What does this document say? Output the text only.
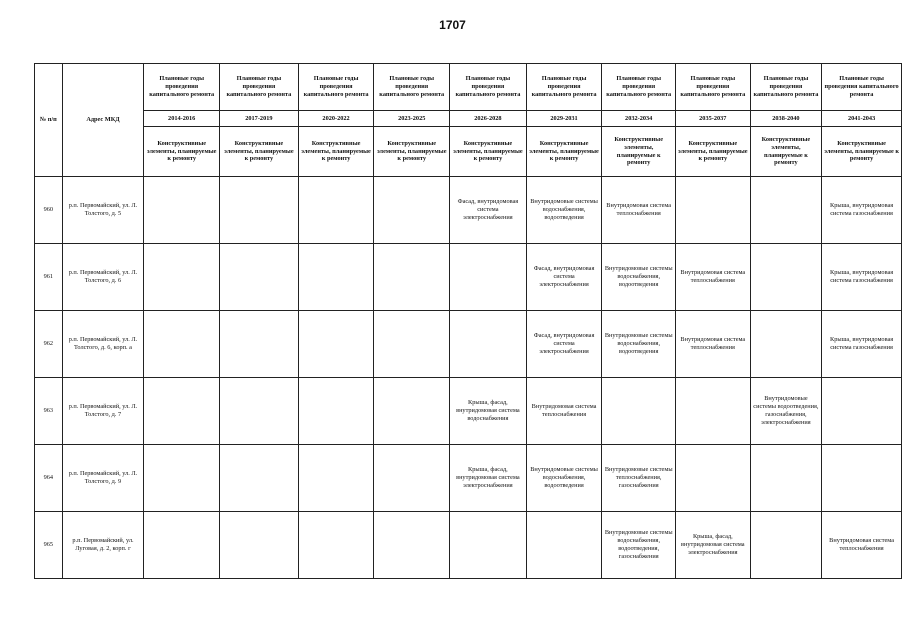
1707
№ п/п	Адрес МКД	Плановые годы проведения капитального ремонта	Плановые годы проведения капитального ремонта	Плановые годы проведения капитального ремонта	Плановые годы проведения капитального ремонта	Плановые годы проведения капитального ремонта	Плановые годы проведения капитального ремонта	Плановые годы проведения капитального ремонта	Плановые годы проведения капитального ремонта	Плановые годы проведения капитального ремонта	Плановые годы проведения капитального ремонта
		2014-2016	2017-2019	2020-2022	2023-2025	2026-2028	2029-2031	2032-2034	2035-2037	2038-2040	2041-2043
		Конструктивные элементы, планируемые к ремонту	Конструктивные элементы, планируемые к ремонту	Конструктивные элементы, планируемые к ремонту	Конструктивные элементы, планируемые к ремонту	Конструктивные элементы, планируемые к ремонту	Конструктивные элементы, планируемые к ремонту	Конструктивные элементы, планируемые к ремонту	Конструктивные элементы, планируемые к ремонту	Конструктивные элементы, планируемые к ремонту	Конструктивные элементы, планируемые к ремонту
960	р.п. Первомайский, ул. Л. Толстого, д. 5					Фасад, внутридомовая система электроснабжения	Внутридомовые системы водоснабжения, водоотведения	Внутридомовая система теплоснабжения			Крыша, внутридомовая система газоснабжения
961	р.п. Первомайский, ул. Л. Толстого, д. 6						Фасад, внутридомовая система электроснабжения	Внутридомовые системы водоснабжения, водоотведения	Внутридомовая система теплоснабжения		Крыша, внутридомовая система газоснабжения
962	р.п. Первомайский, ул. Л. Толстого, д. 6, корп. а						Фасад, внутридомовая система электроснабжения	Внутридомовые системы водоснабжения, водоотведения	Внутридомовая система теплоснабжения		Крыша, внутридомовая система газоснабжения
963	р.п. Первомайский, ул. Л. Толстого, д. 7					Крыша, фасад, внутридомовая система водоснабжения	Внутридомовая система теплоснабжения			Внутридомовые системы водоотведения, газоснабжения, электроснабжения	
964	р.п. Первомайский, ул. Л. Толстого, д. 9					Крыша, фасад, внутридомовая система электроснабжения	Внутридомовые системы водоснабжения, водоотведения	Внутридомовые системы теплоснабжения, газоснабжения			
965	р.п. Первомайский, ул. Луговая, д. 2, корп. г							Внутридомовые системы водоснабжения, водоотведения, газоснабжения	Крыша, фасад, внутридомовая система электроснабжения		Внутридомовая система теплоснабжения
